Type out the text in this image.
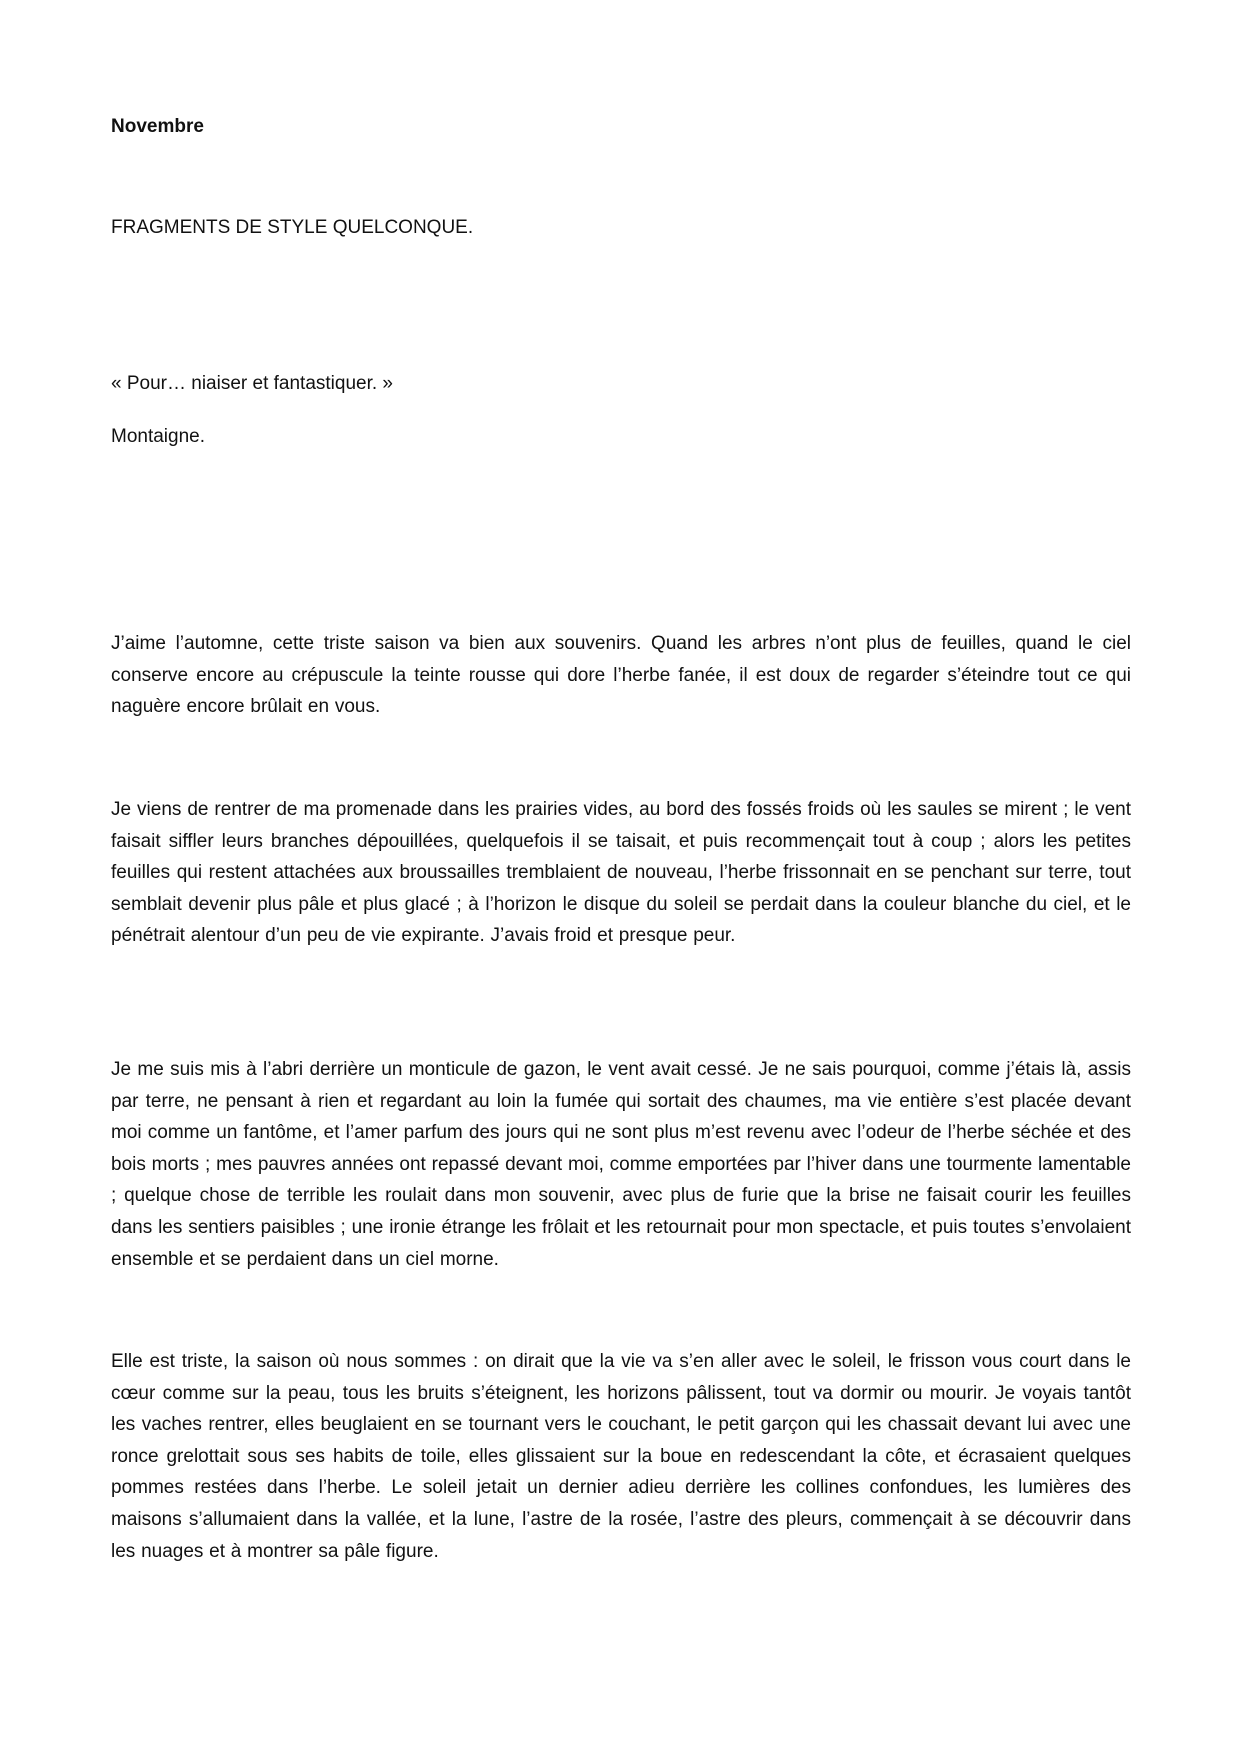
Novembre
FRAGMENTS DE STYLE QUELCONQUE.
« Pour… niaiser et fantastiquer. »
Montaigne.
J’aime l’automne, cette triste saison va bien aux souvenirs. Quand les arbres n’ont plus de feuilles, quand le ciel conserve encore au crépuscule la teinte rousse qui dore l’herbe fanée, il est doux de regarder s’éteindre tout ce qui naguère encore brûlait en vous.
Je viens de rentrer de ma promenade dans les prairies vides, au bord des fossés froids où les saules se mirent ; le vent faisait siffler leurs branches dépouillées, quelquefois il se taisait, et puis recommençait tout à coup ; alors les petites feuilles qui restent attachées aux broussailles tremblaient de nouveau, l’herbe frissonnait en se penchant sur terre, tout semblait devenir plus pâle et plus glacé ; à l’horizon le disque du soleil se perdait dans la couleur blanche du ciel, et le pénétrait alentour d’un peu de vie expirante. J’avais froid et presque peur.
Je me suis mis à l’abri derrière un monticule de gazon, le vent avait cessé. Je ne sais pourquoi, comme j’étais là, assis par terre, ne pensant à rien et regardant au loin la fumée qui sortait des chaumes, ma vie entière s’est placée devant moi comme un fantôme, et l’amer parfum des jours qui ne sont plus m’est revenu avec l’odeur de l’herbe séchée et des bois morts ; mes pauvres années ont repassé devant moi, comme emportées par l’hiver dans une tourmente lamentable ; quelque chose de terrible les roulait dans mon souvenir, avec plus de furie que la brise ne faisait courir les feuilles dans les sentiers paisibles ; une ironie étrange les frôlait et les retournait pour mon spectacle, et puis toutes s’envolaient ensemble et se perdaient dans un ciel morne.
Elle est triste, la saison où nous sommes : on dirait que la vie va s’en aller avec le soleil, le frisson vous court dans le cœur comme sur la peau, tous les bruits s’éteignent, les horizons pâlissent, tout va dormir ou mourir. Je voyais tantôt les vaches rentrer, elles beuglaient en se tournant vers le couchant, le petit garçon qui les chassait devant lui avec une ronce grelottait sous ses habits de toile, elles glissaient sur la boue en redescendant la côte, et écrasaient quelques pommes restées dans l’herbe. Le soleil jetait un dernier adieu derrière les collines confondues, les lumières des maisons s’allumaient dans la vallée, et la lune, l’astre de la rosée, l’astre des pleurs, commençait à se découvrir dans les nuages et à montrer sa pâle figure.
